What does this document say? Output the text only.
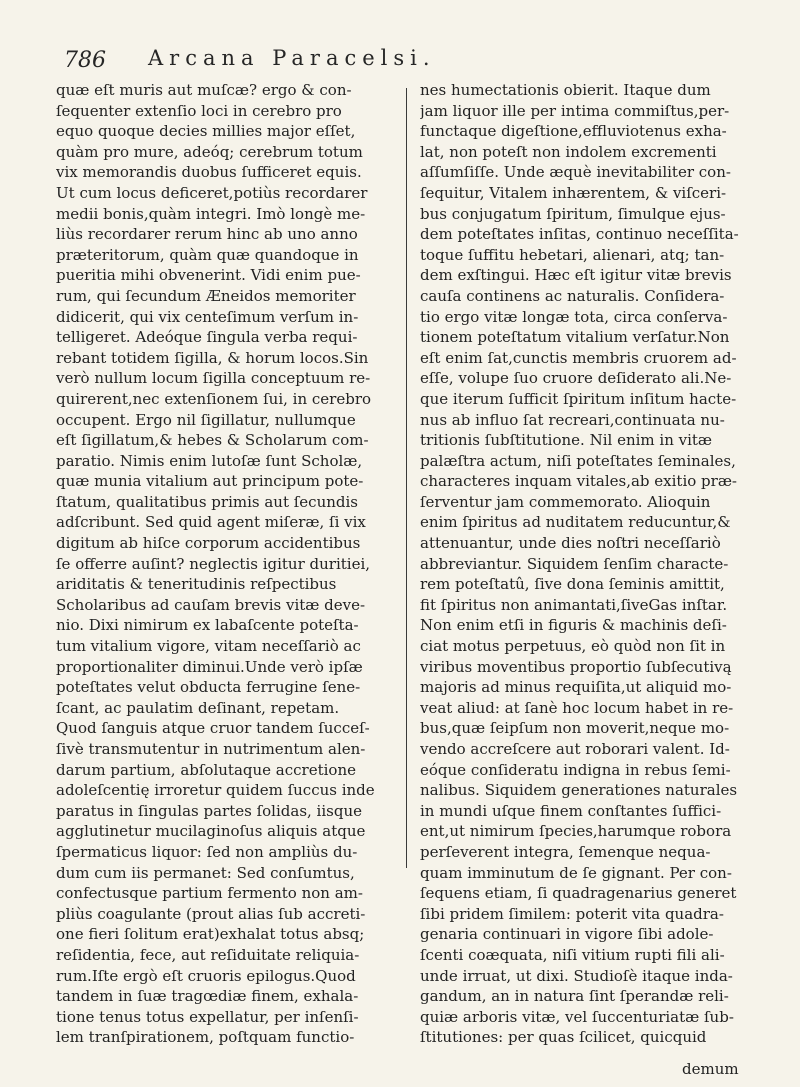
786 Arcana Paracelsi.
quæ eſt muris aut muſcæ? ergo & con-
ſequenter extenſio loci in cerebro pro
equo quoque decies millies major eſſet,
quàm pro mure, adeóq; cerebrum totum
vix memorandis duobus ſufficeret equis.
Ut cum locus deficeret,potiùs recordarer
medii bonis,quàm integri. Imò longè me-
liùs recordarer rerum hinc ab uno anno
præteritorum, quàm quæ quandoque in
pueritia mihi obvenerint. Vidi enim pue-
rum, qui ſecundum Æneidos memoriter
didicerit, qui vix centeſimum verſum in-
telligeret. Adeóque ſingula verba requi-
rebant totidem ſigilla, & horum locos.Sin
verò nullum locum ſigilla conceptuum re-
quirerent,nec extenſionem ſui, in cerebro
occupent. Ergo nil ſigillatur, nullumque
eſt ſigillatum,& hebes & Scholarum com-
paratio. Nimis enim lutoſæ ſunt Scholæ,
quæ munia vitalium aut principum pote-
ſtatum, qualitatibus primis aut ſecundis
adſcribunt. Sed quid agent miſeræ, ſi vix
digitum ab hiſce corporum accidentibus
ſe offerre auſint? neglectis igitur duritiei,
ariditatis & teneritudinis reſpectibus
Scholaribus ad cauſam brevis vitæ deve-
nio. Dixi nimirum ex labaſcente poteſta-
tum vitalium vigore, vitam neceſſariò ac
proportionaliter diminui.Unde verò ipſæ
poteſtates velut obducta ferrugine ſene-
ſcant, ac paulatim deſinant, repetam.
Quod ſanguis atque cruor tandem ſucceſ-
ſivè transmutentur in nutrimentum alen-
darum partium, abſolutaque accretione
adoleſcentię irroretur quidem ſuccus inde
paratus in ſingulas partes ſolidas, iisque
agglutinetur mucilaginoſus aliquis atque
ſpermaticus liquor: ſed non ampliùs du-
dum cum iis permanet: Sed conſumtus,
confectusque partium fermento non am-
pliùs coagulante (prout alias ſub accreti-
one fieri ſolitum erat)exhalat totus absq;
reſidentia, fece, aut reſiduitate reliquia-
rum.Iſte ergò eſt cruoris epilogus.Quod
tandem in ſuæ tragœdiæ finem, exhala-
tione tenus totus expellatur, per inſenſi-
lem tranſpirationem, poſtquam functio-
nes humectationis obierit. Itaque dum
jam liquor ille per intima commiſtus,per-
functaque digeſtione,effluviotenus exha-
lat, non poteſt non indolem excrementi
aſſumſiſſe. Unde æquè inevitabiliter con-
ſequitur, Vitalem inhærentem, & viſceri-
bus conjugatum ſpiritum, ſimulque ejus-
dem poteſtates inſitas, continuo neceſſita-
toque ſuffitu hebetari, alienari, atq; tan-
dem exſtingui. Hæc eſt igitur vitæ brevis
cauſa continens ac naturalis. Conſidera-
tio ergo vitæ longæ tota, circa conſerva-
tionem poteſtatum vitalium verſatur.Non
eſt enim ſat,cunctis membris cruorem ad-
eſſe, volupe ſuo cruore deſiderato ali.Ne-
que iterum ſufficit ſpiritum inſitum hacte-
nus ab influo ſat recreari,continuata nu-
tritionis ſubſtitutione. Nil enim in vitæ
palæſtra actum, niſi poteſtates ſeminales,
characteres inquam vitales,ab exitio præ-
ſerventur jam commemorato. Alioquin
enim ſpiritus ad nuditatem reducuntur,&
attenuantur, unde dies noſtri neceſſariò
abbreviantur. Siquidem ſenſim characte-
rem poteſtatû, ſive dona ſeminis amittit,
fit ſpiritus non animantati,ſiveGas inſtar.
Non enim etſi in figuris & machinis deſi-
ciat motus perpetuus, eò quòd non ſit in
viribus moventibus proportio ſubſecutivą
majoris ad minus requiſita,ut aliquid mo-
veat aliud: at ſanè hoc locum habet in re-
bus,quæ ſeipſum non moverit,neque mo-
vendo accreſcere aut roborari valent. Id-
eóque conſideratu indigna in rebus ſemi-
nalibus. Siquidem generationes naturales
in mundi uſque finem conſtantes ſuffici-
ent,ut nimirum ſpecies,harumque robora
perſeverent integra, ſemenque nequa-
quam imminutum de ſe gignant. Per con-
ſequens etiam, ſi quadragenarius generet
ſibi pridem ſimilem: poterit vita quadra-
genaria continuari in vigore ſibi adole-
ſcenti coæquata, niſi vitium rupti fili ali-
unde irruat, ut dixi. Studioſè itaque inda-
gandum, an in natura ſint ſperandæ reli-
quiæ arboris vitæ, vel ſuccenturiatæ ſub-
ſtitutiones: per quas ſcilicet, quicquid
demum
